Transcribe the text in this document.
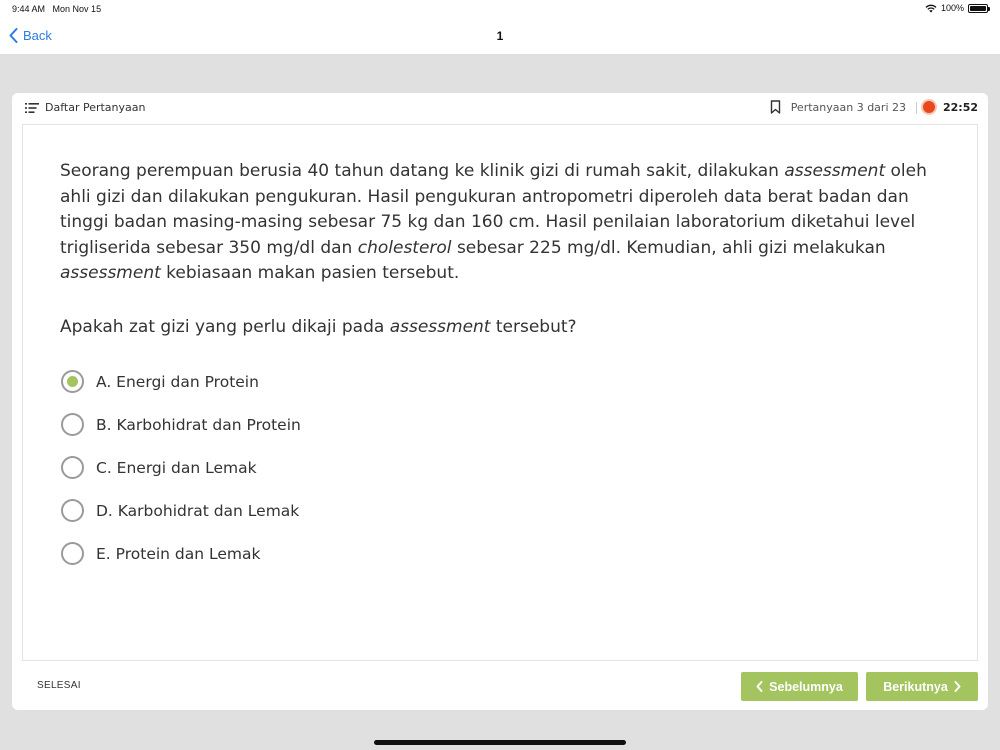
9:44 AM Mon Nov 15	100%
Back	1
Daftar Pertanyaan	Pertanyaan 3 dari 23	22:52

Seorang perempuan berusia 40 tahun datang ke klinik gizi di rumah sakit, dilakukan assessment oleh ahli gizi dan dilakukan pengukuran. Hasil pengukuran antropometri diperoleh data berat badan dan tinggi badan masing-masing sebesar 75 kg dan 160 cm. Hasil penilaian laboratorium diketahui level trigliserida sebesar 350 mg/dl dan cholesterol sebesar 225 mg/dl. Kemudian, ahli gizi melakukan assessment kebiasaan makan pasien tersebut.

Apakah zat gizi yang perlu dikaji pada assessment tersebut?

A. Energi dan Protein
B. Karbohidrat dan Protein
C. Energi dan Lemak
D. Karbohidrat dan Lemak
E. Protein dan Lemak
SELESAI	Sebelumnya	Berikutnya
